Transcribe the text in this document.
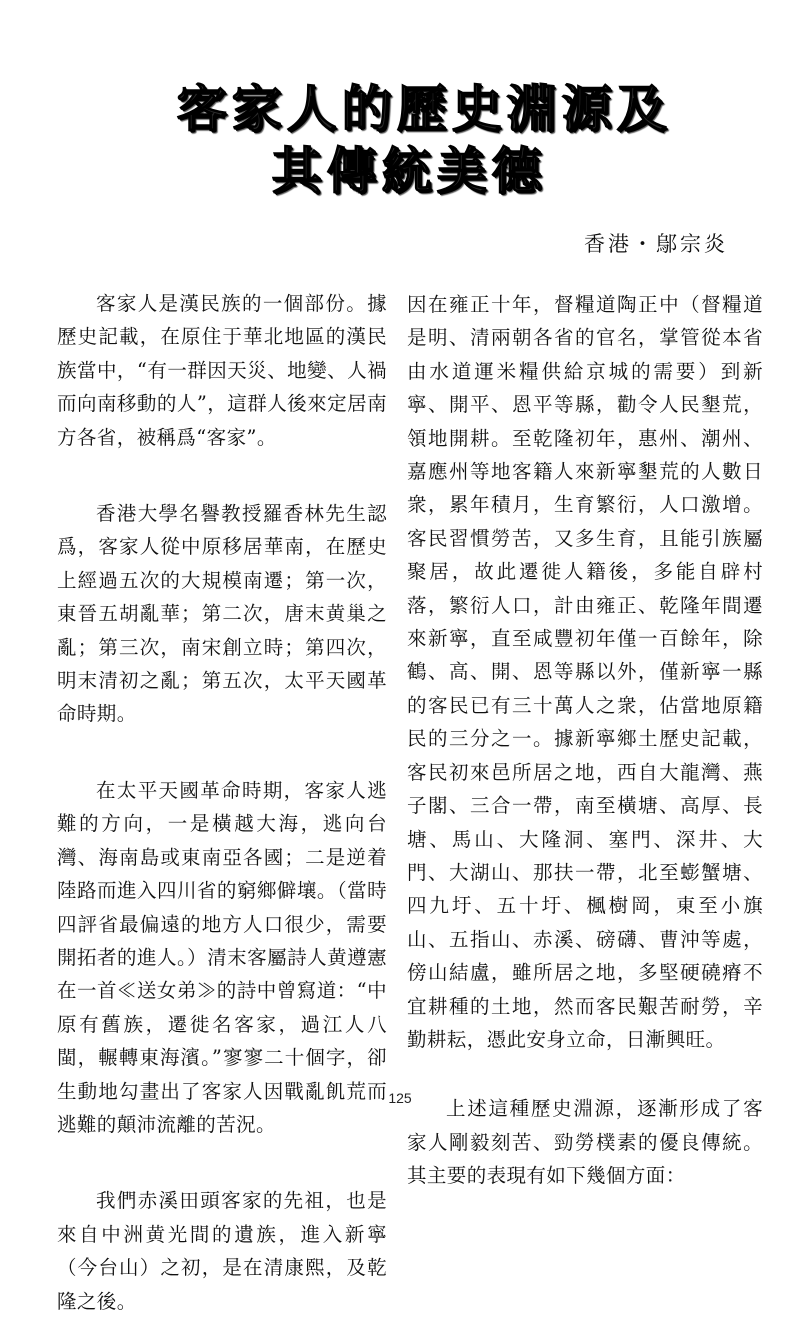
客家人的歷史淵源及
其傳統美德
香港・鄔宗炎

客家人是漢民族的一個部份。據歷史記載，在原住于華北地區的漢民族當中，“有一群因天災、地變、人禍而向南移動的人”，這群人後來定居南方各省，被稱爲“客家”。

香港大學名譽教授羅香林先生認爲，客家人從中原移居華南，在歷史上經過五次的大規模南遷；第一次，東晉五胡亂華；第二次，唐末黄巢之亂；第三次，南宋創立時；第四次，明末清初之亂；第五次，太平天國革命時期。

在太平天國革命時期，客家人逃難的方向，一是橫越大海，逃向台灣、海南島或東南亞各國；二是逆着陸路而進入四川省的窮鄉僻壤。（當時四評省最偏遠的地方人口很少，需要開拓者的進人。）清末客屬詩人黄遵憲在一首≪送女弟≫的詩中曾寫道：“中原有舊族，遷徙名客家，過江人八閩，輾轉東海濱。”寥寥二十個字，卻生動地勾畫出了客家人因戰亂飢荒而逃難的顛沛流離的苦況。

我們赤溪田頭客家的先祖，也是來自中洲黄光間的遺族，進入新寧（今台山）之初，是在清康熙，及乾隆之後。

因在雍正十年，督糧道陶正中（督糧道是明、清兩朝各省的官名，掌管從本省由水道運米糧供給京城的需要）到新寧、開平、恩平等縣，勸令人民墾荒，領地開耕。至乾隆初年，惠州、潮州、嘉應州等地客籍人來新寧墾荒的人數日衆，累年積月，生育繁衍，人口激增。客民習慣勞苦，又多生育，且能引族屬聚居，故此遷徙人籍後，多能自辟村落，繁衍人口，計由雍正、乾隆年間遷來新寧，直至咸豐初年僅一百餘年，除鶴、高、開、恩等縣以外，僅新寧一縣的客民已有三十萬人之衆，佔當地原籍民的三分之一。據新寧鄉土歷史記載，客民初來邑所居之地，西自大龍灣、燕子閣、三合一帶，南至橫塘、高厚、長塘、馬山、大隆洞、塞門、深井、大門、大湖山、那扶一帶，北至蟛蟹塘、四九圩、五十圩、楓樹岡，東至小旗山、五指山、赤溪、磅礴、曹沖等處，傍山結盧，雖所居之地，多堅硬磽瘠不宜耕種的土地，然而客民艱苦耐勞，辛勤耕耘，憑此安身立命，日漸興旺。

上述這種歷史淵源，逐漸形成了客家人剛毅刻苦、勁勞樸素的優良傳統。其主要的表現有如下幾個方面：

125
